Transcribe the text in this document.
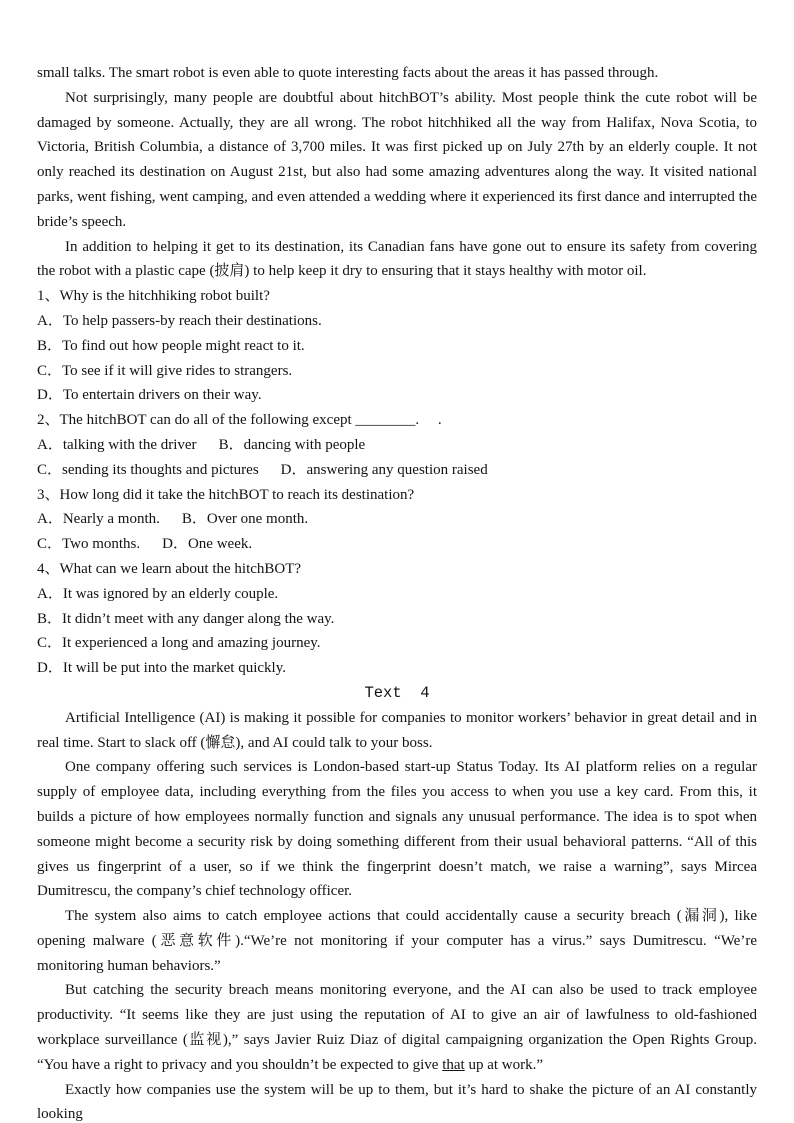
small talks. The smart robot is even able to quote interesting facts about the areas it has passed through.

Not surprisingly, many people are doubtful about hitchBOT’s ability. Most people think the cute robot will be damaged by someone. Actually, they are all wrong. The robot hitchhiked all the way from Halifax, Nova Scotia, to Victoria, British Columbia, a distance of 3,700 miles. It was first picked up on July 27th by an elderly couple. It not only reached its destination on August 21st, but also had some amazing adventures along the way. It visited national parks, went fishing, went camping, and even attended a wedding where it experienced its first dance and interrupted the bride’s speech.

In addition to helping it get to its destination, its Canadian fans have gone out to ensure its safety from covering the robot with a plastic cape (披肩) to help keep it dry to ensuring that it stays healthy with motor oil.

1、Why is the hitchhiking robot built?

A．To help passers-by reach their destinations.

B．To find out how people might react to it.

C．To see if it will give rides to strangers.

D．To entertain drivers on their way.

2、The hitchBOT can do all of the following except ________.     .

A．talking with the driver B．dancing with people

C．sending its thoughts and pictures D．answering any question raised

3、How long did it take the hitchBOT to reach its destination?

A．Nearly a month. B．Over one month.

C．Two months. D．One week.

4、What can we learn about the hitchBOT?

A．It was ignored by an elderly couple.

B．It didn’t meet with any danger along the way.

C．It experienced a long and amazing journey.

D．It will be put into the market quickly.

Text  4

Artificial Intelligence (AI) is making it possible for companies to monitor workers’ behavior in great detail and in real time. Start to slack off (懈怠), and AI could talk to your boss.

One company offering such services is London-based start-up Status Today. Its AI platform relies on a regular supply of employee data, including everything from the files you access to when you use a key card. From this, it builds a picture of how employees normally function and signals any unusual performance. The idea is to spot when someone might become a security risk by doing something different from their usual behavioral patterns. “All of this gives us fingerprint of a user, so if we think the fingerprint doesn’t match, we raise a warning”, says Mircea Dumitrescu, the company’s chief technology officer.

The system also aims to catch employee actions that could accidentally cause a security breach (漏洞), like opening malware (恶意软件).“We’re not monitoring if your computer has a virus.” says Dumitrescu. “We’re monitoring human behaviors.”

But catching the security breach means monitoring everyone, and the AI can also be used to track employee productivity. “It seems like they are just using the reputation of AI to give an air of lawfulness to old-fashioned workplace surveillance (监视),” says Javier Ruiz Diaz of digital campaigning organization the Open Rights Group. “You have a right to privacy and you shouldn’t be expected to give that up at work.”

Exactly how companies use the system will be up to them, but it’s hard to shake the picture of an AI constantly looking
